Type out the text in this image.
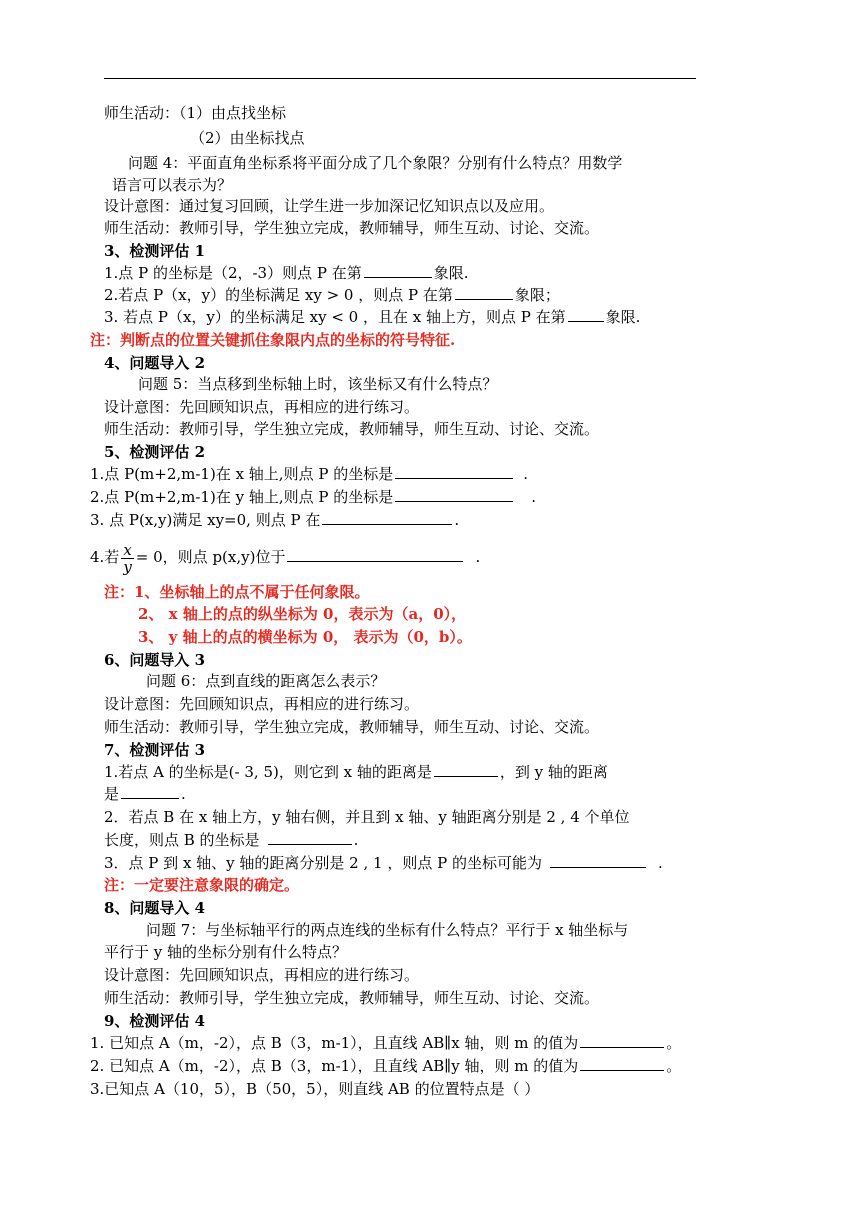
师生活动：（1）由点找坐标
（2）由坐标找点
问题 4：平面直角坐标系将平面分成了几个象限？分别有什么特点？用数学
语言可以表示为？
设计意图：通过复习回顾，让学生进一步加深记忆知识点以及应用。
师生活动：教师引导，学生独立完成，教师辅导，师生互动、讨论、交流。
3、检测评估 1
1.点 P 的坐标是（2，-3）则点 P 在第	象限.
2.若点 P（x，y）的坐标满足 xy > 0 ，则点 P 在第	象限；
3. 若点 P（x，y）的坐标满足 xy < 0 ，且在 x 轴上方，则点 P 在第	象限.
注：判断点的位置关键抓住象限内点的坐标的符号特征.
4、问题导入 2
问题 5：当点移到坐标轴上时，该坐标又有什么特点？
设计意图：先回顾知识点，再相应的进行练习。
师生活动：教师引导，学生独立完成，教师辅导，师生互动、讨论、交流。
5、检测评估 2
1.点 P(m+2,m-1)在 x 轴上,则点 P 的坐标是	.
2.点 P(m+2,m-1)在 y 轴上,则点 P 的坐标是	.
3. 点 P(x,y)满足 xy=0, 则点 P 在	.
4.若 $\frac{x}{y} = 0$，则点 p(x,y)位于	.
注：1、坐标轴上的点不属于任何象限。
2、 x 轴上的点的纵坐标为 0，表示为（a，0），
3、 y 轴上的点的横坐标为 0， 表示为（0，b）。
6、问题导入 3
问题 6：点到直线的距离怎么表示？
设计意图：先回顾知识点，再相应的进行练习。
师生活动：教师引导，学生独立完成，教师辅导，师生互动、讨论、交流。
7、检测评估 3
1.若点 A 的坐标是(- 3, 5)，则它到 x 轴的距离是	，到 y 轴的距离
是	.
2．若点 B 在 x 轴上方，y 轴右侧，并且到 x 轴、y 轴距离分别是 2 , 4 个单位
长度，则点 B 的坐标是	.
3．点 P 到 x 轴、y 轴的距离分别是 2 , 1 ，则点 P 的坐标可能为	.
注：一定要注意象限的确定。
8、问题导入 4
问题 7：与坐标轴平行的两点连线的坐标有什么特点？平行于 x 轴坐标与
平行于 y 轴的坐标分别有什么特点？
设计意图：先回顾知识点，再相应的进行练习。
师生活动：教师引导，学生独立完成，教师辅导，师生互动、讨论、交流。
9、检测评估 4
1. 已知点 A（m，-2），点 B（3，m-1），且直线 AB∥x 轴，则 m 的值为	。
2. 已知点 A（m，-2），点 B（3，m-1），且直线 AB∥y 轴，则 m 的值为	。
3.已知点 A（10，5），B（50，5），则直线 AB 的位置特点是（ ）
